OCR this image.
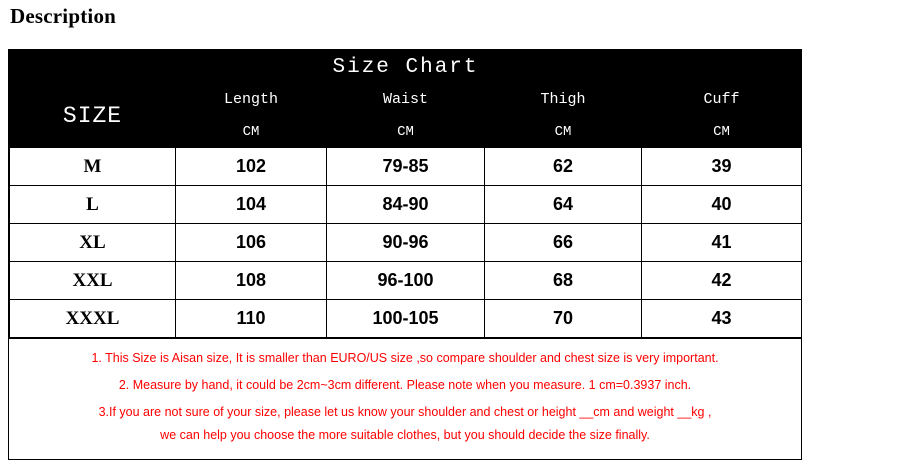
Description
Size Chart				
SIZE	Length	Waist	Thigh	Cuff
	CM	CM	CM	CM
M	102	79-85	62	39
L	104	84-90	64	40
XL	106	90-96	66	41
XXL	108	96-100	68	42
XXXL	110	100-105	70	43
1. This Size is Aisan size, It is smaller than EURO/US size ,so compare shoulder and chest size is very important.
2. Measure by hand, it could be 2cm~3cm different. Please note when you measure. 1 cm=0.3937 inch.
3.If you are not sure of your size, please let us know your shoulder and chest or height __cm and weight __kg ,
we can help you choose the more suitable clothes, but you should decide the size finally.
